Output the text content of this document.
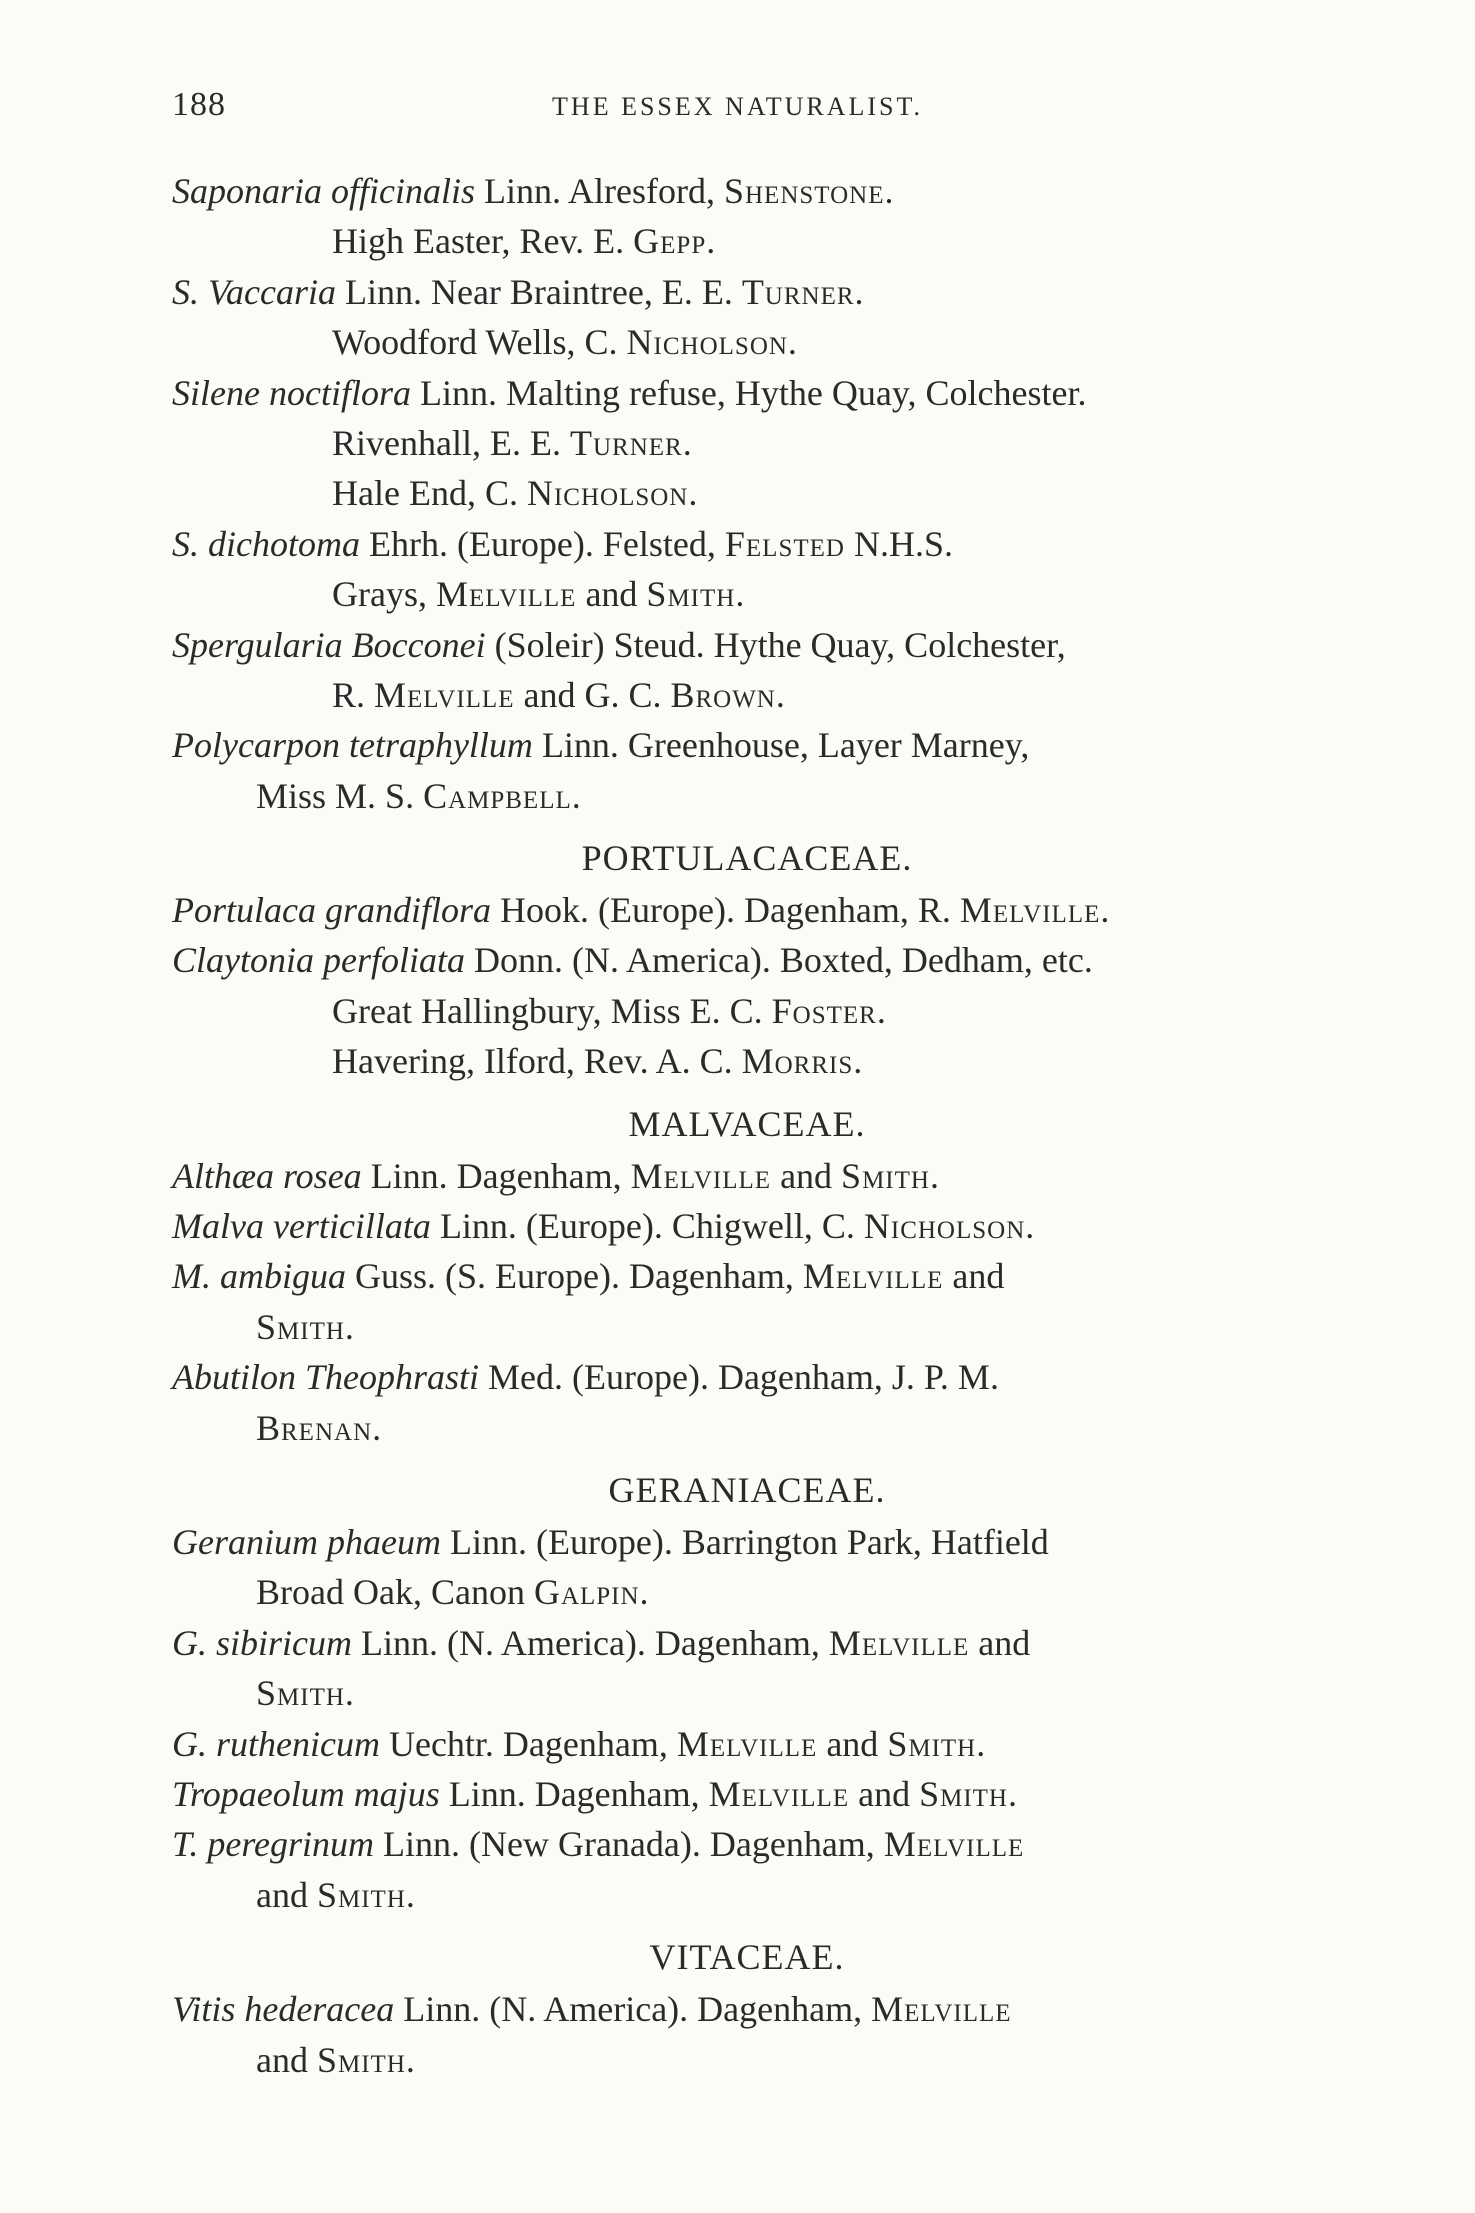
188	THE ESSEX NATURALIST.
Saponaria officinalis Linn. Alresford, Shenstone.
High Easter, Rev. E. Gepp.
S. Vaccaria Linn. Near Braintree, E. E. Turner.
Woodford Wells, C. Nicholson.
Silene noctiflora Linn. Malting refuse, Hythe Quay, Colchester.
Rivenhall, E. E. Turner.
Hale End, C. Nicholson.
S. dichotoma Ehrh. (Europe). Felsted, Felsted N.H.S.
Grays, Melville and Smith.
Spergularia Bocconei (Soleir) Steud. Hythe Quay, Colchester,
R. Melville and G. C. Brown.
Polycarpon tetraphyllum Linn. Greenhouse, Layer Marney,
Miss M. S. Campbell.
PORTULACACEAE.
Portulaca grandiflora Hook. (Europe). Dagenham, R. Melville.
Claytonia perfoliata Donn. (N. America). Boxted, Dedham, etc.
Great Hallingbury, Miss E. C. Foster.
Havering, Ilford, Rev. A. C. Morris.
MALVACEAE.
Althæa rosea Linn. Dagenham, Melville and Smith.
Malva verticillata Linn. (Europe). Chigwell, C. Nicholson.
M. ambigua Guss. (S. Europe). Dagenham, Melville and
Smith.
Abutilon Theophrasti Med. (Europe). Dagenham, J. P. M.
Brenan.
GERANIACEAE.
Geranium phaeum Linn. (Europe). Barrington Park, Hatfield
Broad Oak, Canon Galpin.
G. sibiricum Linn. (N. America). Dagenham, Melville and
Smith.
G. ruthenicum Uechtr. Dagenham, Melville and Smith.
Tropaeolum majus Linn. Dagenham, Melville and Smith.
T. peregrinum Linn. (New Granada). Dagenham, Melville
and Smith.
VITACEAE.
Vitis hederacea Linn. (N. America). Dagenham, Melville
and Smith.
